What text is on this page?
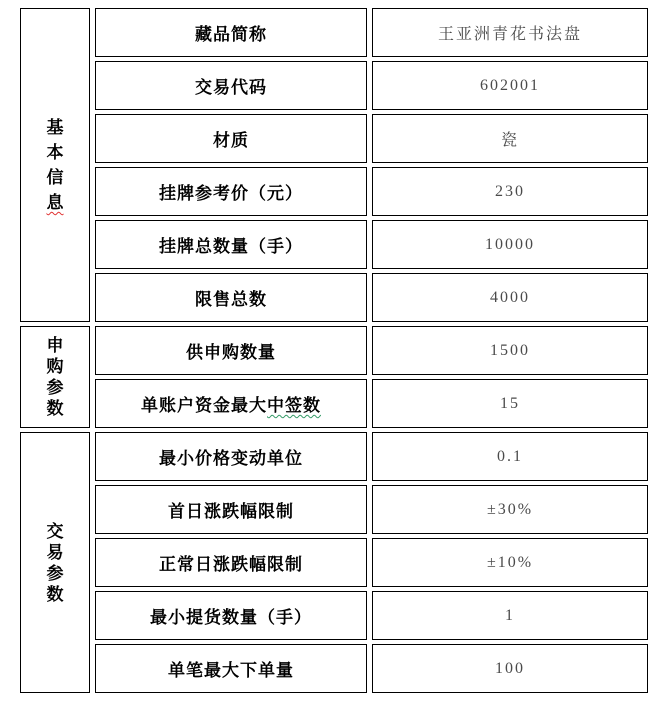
基本信息	藏品简称	王亚洲青花书法盘
	交易代码	602001
	材质	瓷
	挂牌参考价（元）	230
	挂牌总数量（手）	10000
	限售总数	4000

申购参数	供申购数量	1500
	单账户资金最大中签数	15

交易参数	最小价格变动单位	0.1
	首日涨跌幅限制	±30%
	正常日涨跌幅限制	±10%
	最小提货数量（手）	1
	单笔最大下单量	100
